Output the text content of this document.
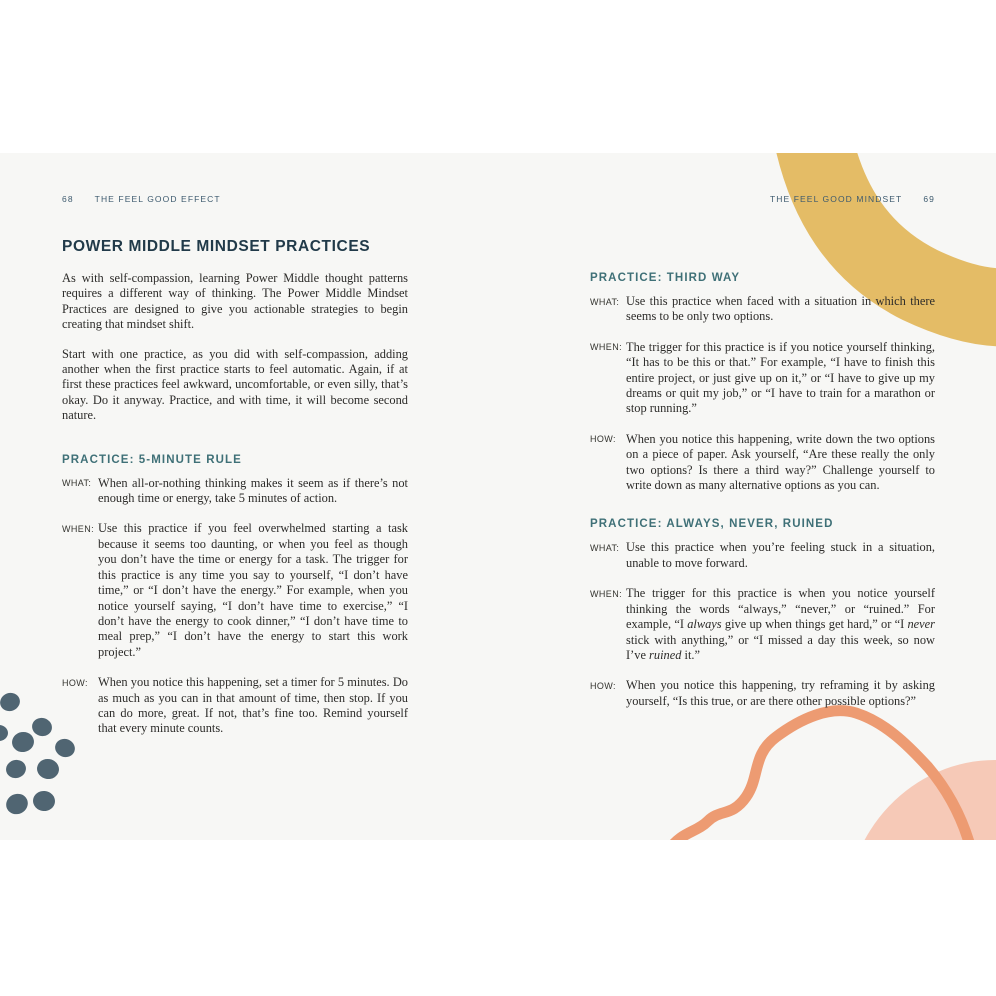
68 THE FEEL GOOD EFFECT
POWER MIDDLE MINDSET PRACTICES

As with self-compassion, learning Power Middle thought patterns requires a different way of thinking. The Power Middle Mindset Practices are designed to give you actionable strategies to begin creating that mindset shift.

Start with one practice, as you did with self-compassion, adding another when the first practice starts to feel automatic. Again, if at first these practices feel awkward, uncomfortable, or even silly, that’s okay. Do it anyway. Practice, and with time, it will become second nature.

PRACTICE: 5-MINUTE RULE
WHAT: When all-or-nothing thinking makes it seem as if there’s not enough time or energy, take 5 minutes of action.
WHEN: Use this practice if you feel overwhelmed starting a task because it seems too daunting, or when you feel as though you don’t have the time or energy for a task. The trigger for this practice is any time you say to yourself, “I don’t have time,” or “I don’t have the energy.” For example, when you notice yourself saying, “I don’t have time to exercise,” “I don’t have the energy to cook dinner,” “I don’t have time to meal prep,” “I don’t have the energy to start this work project.”
HOW: When you notice this happening, set a timer for 5 minutes. Do as much as you can in that amount of time, then stop. If you can do more, great. If not, that’s fine too. Remind yourself that every minute counts.
THE FEEL GOOD MINDSET 69
PRACTICE: THIRD WAY
WHAT: Use this practice when faced with a situation in which there seems to be only two options.
WHEN: The trigger for this practice is if you notice yourself thinking, “It has to be this or that.” For example, “I have to finish this entire project, or just give up on it,” or “I have to give up my dreams or quit my job,” or “I have to train for a marathon or stop running.”
HOW: When you notice this happening, write down the two options on a piece of paper. Ask yourself, “Are these really the only two options? Is there a third way?” Challenge yourself to write down as many alternative options as you can.
PRACTICE: ALWAYS, NEVER, RUINED
WHAT: Use this practice when you’re feeling stuck in a situation, unable to move forward.
WHEN: The trigger for this practice is when you notice yourself thinking the words “always,” “never,” or “ruined.” For example, “I always give up when things get hard,” or “I never stick with anything,” or “I missed a day this week, so now I’ve ruined it.”
HOW: When you notice this happening, try reframing it by asking yourself, “Is this true, or are there other possible options?”
